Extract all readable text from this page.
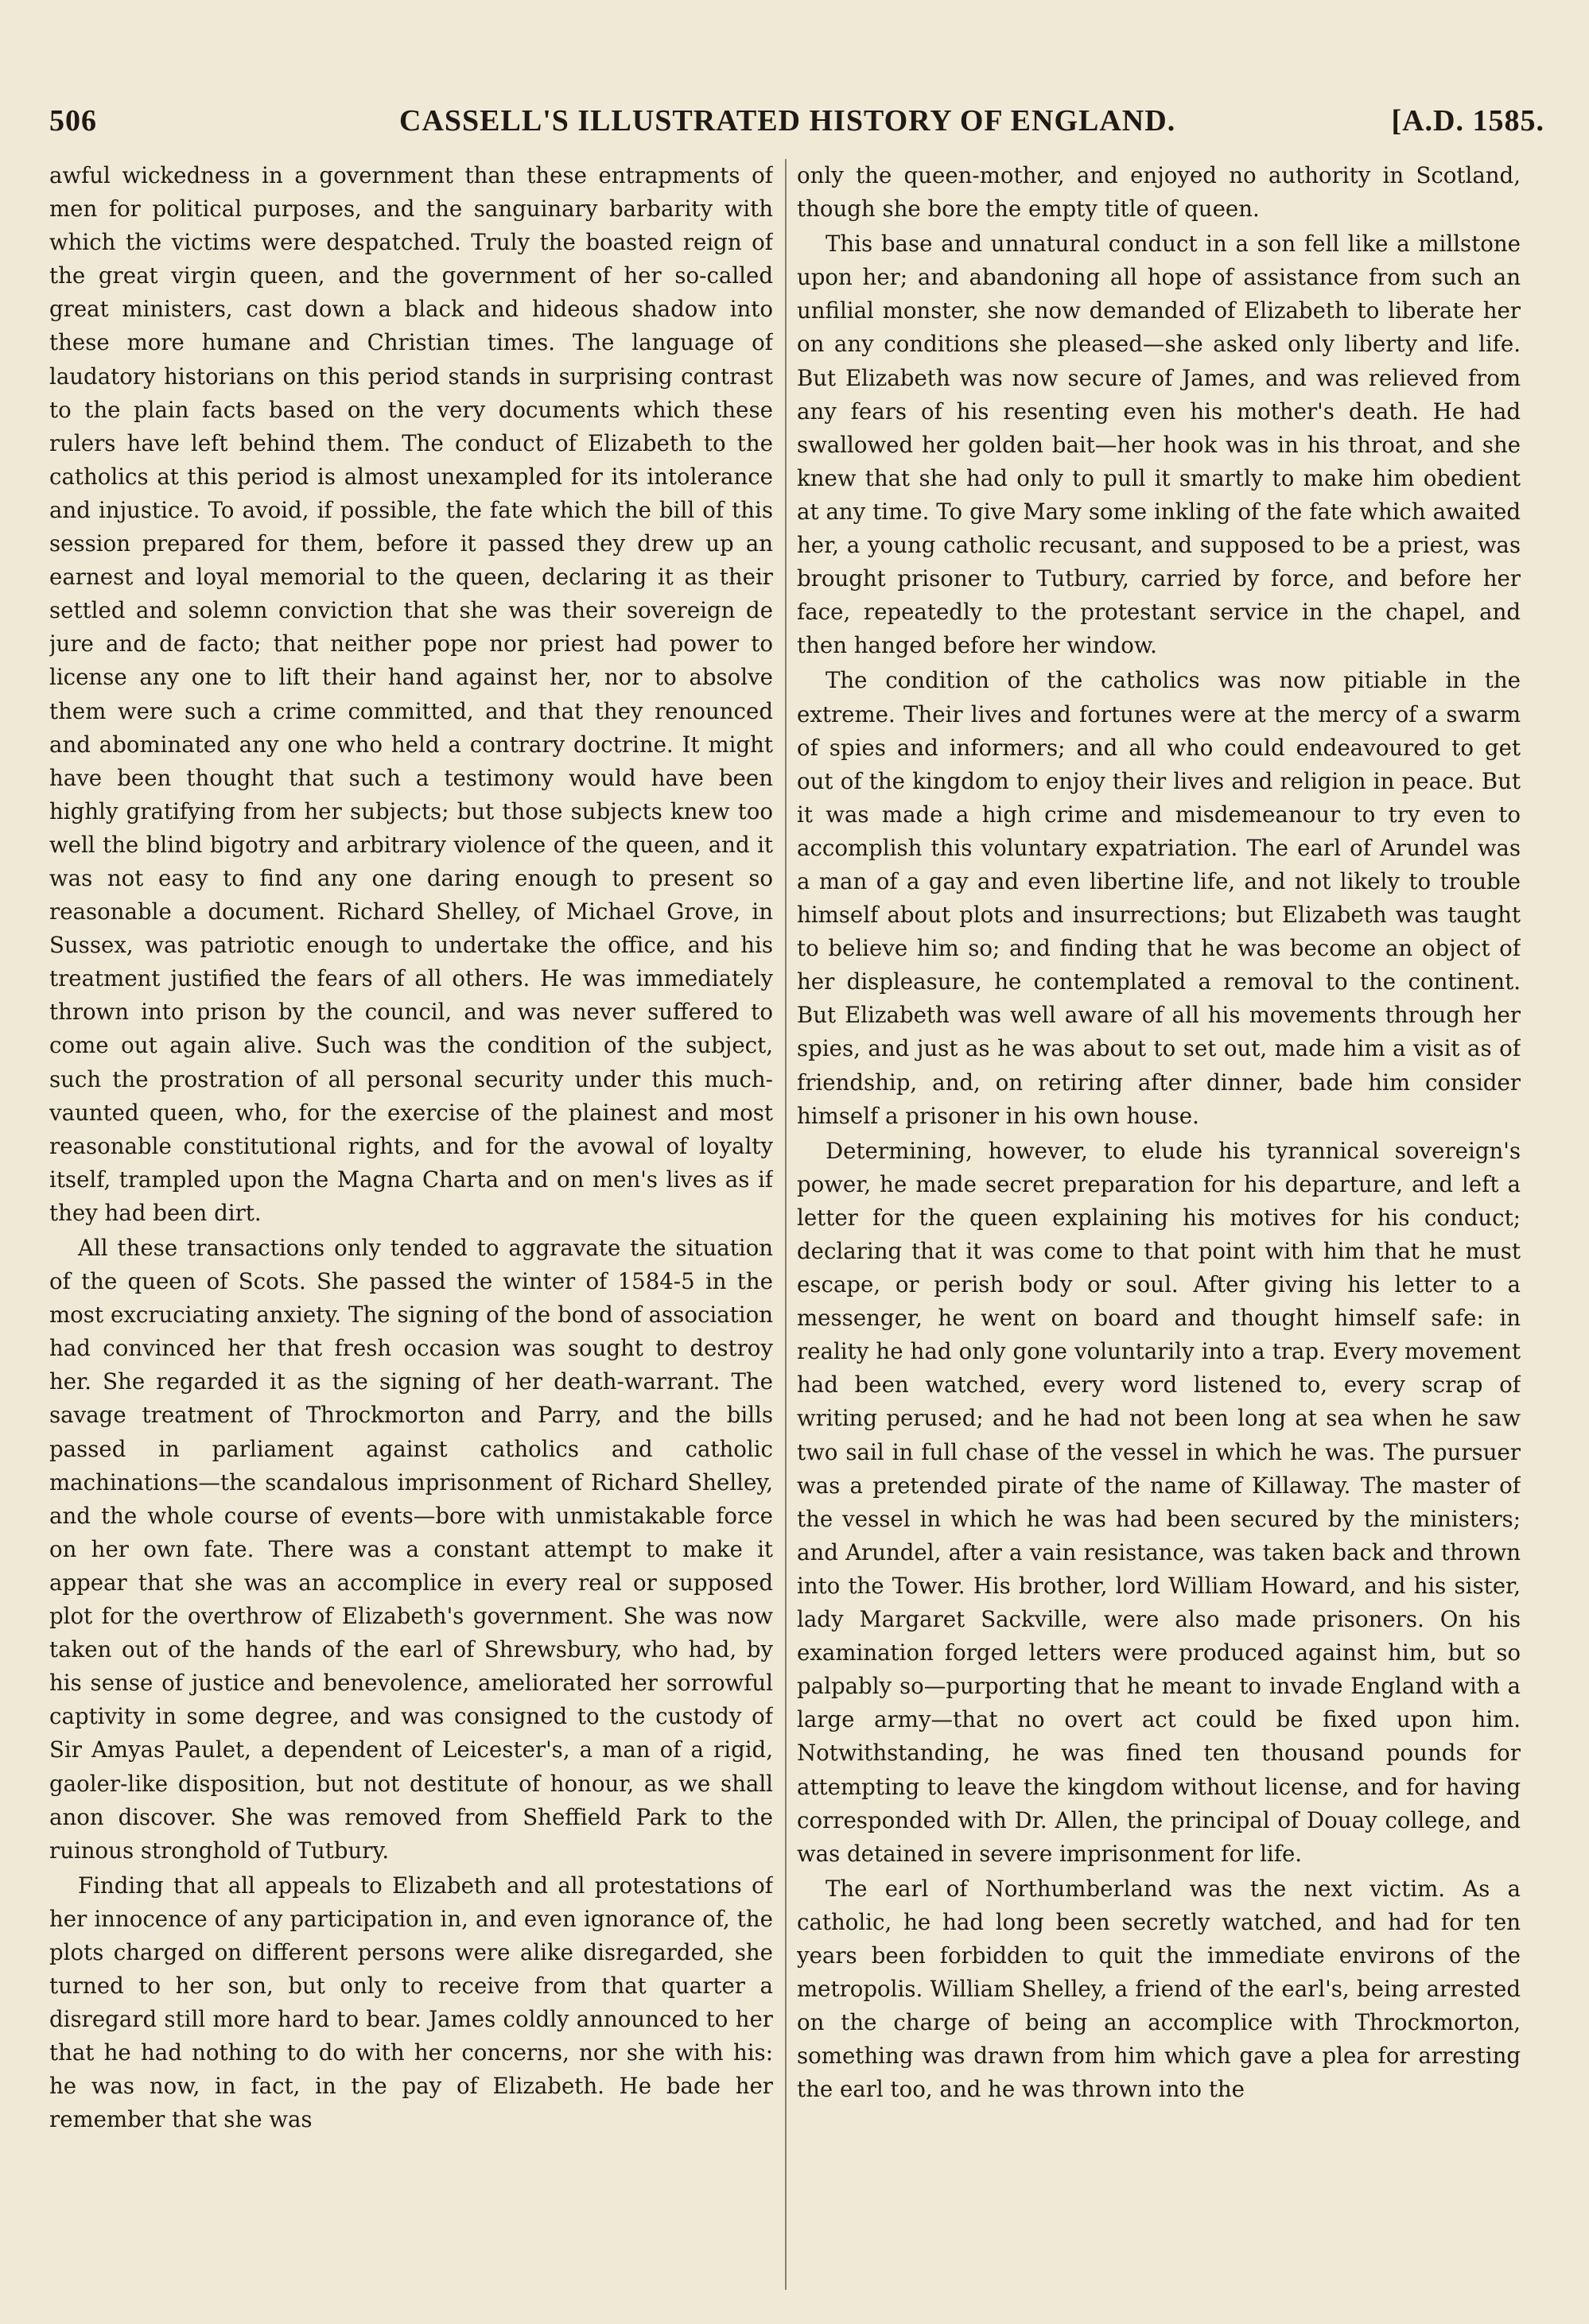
506	CASSELL'S ILLUSTRATED HISTORY OF ENGLAND.	[A.D. 1585.

awful wickedness in a government than these entrapments of men for political purposes, and the sanguinary barbarity with which the victims were despatched. Truly the boasted reign of the great virgin queen, and the government of her so-called great ministers, cast down a black and hideous shadow into these more humane and Christian times. The language of laudatory historians on this period stands in surprising contrast to the plain facts based on the very documents which these rulers have left behind them. The conduct of Elizabeth to the catholics at this period is almost unexampled for its intolerance and injustice. To avoid, if possible, the fate which the bill of this session prepared for them, before it passed they drew up an earnest and loyal memorial to the queen, declaring it as their settled and solemn conviction that she was their sovereign de jure and de facto; that neither pope nor priest had power to license any one to lift their hand against her, nor to absolve them were such a crime committed, and that they renounced and abominated any one who held a contrary doctrine. It might have been thought that such a testimony would have been highly gratifying from her subjects; but those subjects knew too well the blind bigotry and arbitrary violence of the queen, and it was not easy to find any one daring enough to present so reasonable a document. Richard Shelley, of Michael Grove, in Sussex, was patriotic enough to undertake the office, and his treatment justified the fears of all others. He was immediately thrown into prison by the council, and was never suffered to come out again alive. Such was the condition of the subject, such the prostration of all personal security under this much-vaunted queen, who, for the exercise of the plainest and most reasonable constitutional rights, and for the avowal of loyalty itself, trampled upon the Magna Charta and on men's lives as if they had been dirt.

All these transactions only tended to aggravate the situation of the queen of Scots. She passed the winter of 1584-5 in the most excruciating anxiety. The signing of the bond of association had convinced her that fresh occasion was sought to destroy her. She regarded it as the signing of her death-warrant. The savage treatment of Throckmorton and Parry, and the bills passed in parliament against catholics and catholic machinations—the scandalous imprisonment of Richard Shelley, and the whole course of events—bore with unmistakable force on her own fate. There was a constant attempt to make it appear that she was an accomplice in every real or supposed plot for the overthrow of Elizabeth's government. She was now taken out of the hands of the earl of Shrewsbury, who had, by his sense of justice and benevolence, ameliorated her sorrowful captivity in some degree, and was consigned to the custody of Sir Amyas Paulet, a dependent of Leicester's, a man of a rigid, gaoler-like disposition, but not destitute of honour, as we shall anon discover. She was removed from Sheffield Park to the ruinous stronghold of Tutbury.

Finding that all appeals to Elizabeth and all protestations of her innocence of any participation in, and even ignorance of, the plots charged on different persons were alike disregarded, she turned to her son, but only to receive from that quarter a disregard still more hard to bear. James coldly announced to her that he had nothing to do with her concerns, nor she with his: he was now, in fact, in the pay of Elizabeth. He bade her remember that she was

only the queen-mother, and enjoyed no authority in Scotland, though she bore the empty title of queen.

This base and unnatural conduct in a son fell like a millstone upon her; and abandoning all hope of assistance from such an unfilial monster, she now demanded of Elizabeth to liberate her on any conditions she pleased—she asked only liberty and life. But Elizabeth was now secure of James, and was relieved from any fears of his resenting even his mother's death. He had swallowed her golden bait—her hook was in his throat, and she knew that she had only to pull it smartly to make him obedient at any time. To give Mary some inkling of the fate which awaited her, a young catholic recusant, and supposed to be a priest, was brought prisoner to Tutbury, carried by force, and before her face, repeatedly to the protestant service in the chapel, and then hanged before her window.

The condition of the catholics was now pitiable in the extreme. Their lives and fortunes were at the mercy of a swarm of spies and informers; and all who could endeavoured to get out of the kingdom to enjoy their lives and religion in peace. But it was made a high crime and misdemeanour to try even to accomplish this voluntary expatriation. The earl of Arundel was a man of a gay and even libertine life, and not likely to trouble himself about plots and insurrections; but Elizabeth was taught to believe him so; and finding that he was become an object of her displeasure, he contemplated a removal to the continent. But Elizabeth was well aware of all his movements through her spies, and just as he was about to set out, made him a visit as of friendship, and, on retiring after dinner, bade him consider himself a prisoner in his own house.

Determining, however, to elude his tyrannical sovereign's power, he made secret preparation for his departure, and left a letter for the queen explaining his motives for his conduct; declaring that it was come to that point with him that he must escape, or perish body or soul. After giving his letter to a messenger, he went on board and thought himself safe: in reality he had only gone voluntarily into a trap. Every movement had been watched, every word listened to, every scrap of writing perused; and he had not been long at sea when he saw two sail in full chase of the vessel in which he was. The pursuer was a pretended pirate of the name of Killaway. The master of the vessel in which he was had been secured by the ministers; and Arundel, after a vain resistance, was taken back and thrown into the Tower. His brother, lord William Howard, and his sister, lady Margaret Sackville, were also made prisoners. On his examination forged letters were produced against him, but so palpably so—purporting that he meant to invade England with a large army—that no overt act could be fixed upon him. Notwithstanding, he was fined ten thousand pounds for attempting to leave the kingdom without license, and for having corresponded with Dr. Allen, the principal of Douay college, and was detained in severe imprisonment for life.

The earl of Northumberland was the next victim. As a catholic, he had long been secretly watched, and had for ten years been forbidden to quit the immediate environs of the metropolis. William Shelley, a friend of the earl's, being arrested on the charge of being an accomplice with Throckmorton, something was drawn from him which gave a plea for arresting the earl too, and he was thrown into the
